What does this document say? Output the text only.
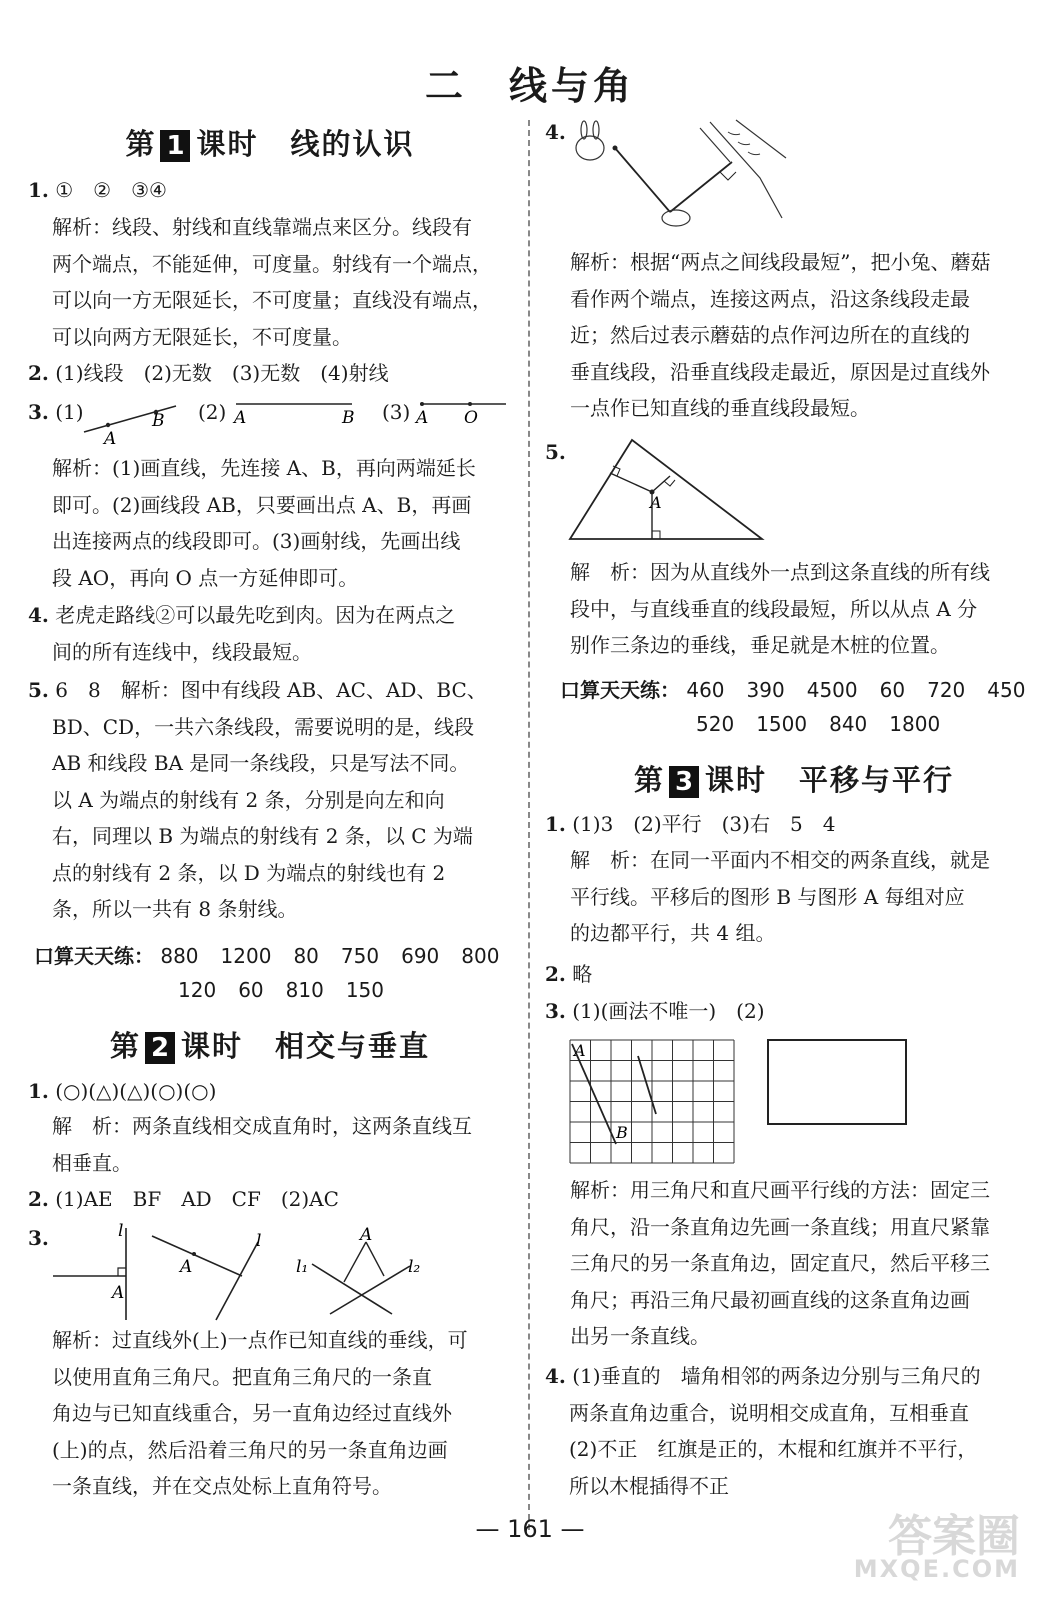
二　线与角
第 1 课时 线的认识
1. ①　②　③④
解析：线段、射线和直线靠端点来区分。线段有
两个端点，不能延伸，可度量。射线有一个端点，
可以向一方无限延长，不可度量；直线没有端点，
可以向两方无限延长，不可度量。
2. (1)线段　(2)无数　(3)无数　(4)射线
3. (1)	(2)	(3)
A
B	A	B	A O
解析：(1)画直线，先连接 A、B，再向两端延长
即可。(2)画线段 AB，只要画出点 A、B，再画
出连接两点的线段即可。(3)画射线，先画出线
段 AO，再向 O 点一方延伸即可。
4. 老虎走路线②可以最先吃到肉。因为在两点之
间的所有连线中，线段最短。
5. 6　8　解析：图中有线段 AB、AC、AD、BC、
BD、CD，一共六条线段，需要说明的是，线段
AB 和线段 BA 是同一条线段，只是写法不同。
以 A 为端点的射线有 2 条，分别是向左和向
右，同理以 B 为端点的射线有 2 条，以 C 为端
点的射线有 2 条，以 D 为端点的射线也有 2
条，所以一共有 8 条射线。
口算天天练： 880 1200 80 750 690 800
120 60 810 150
第 2 课时 相交与垂直
1. (○)(△)(△)(○)(○)
解　析：两条直线相交成直角时，这两条直线互
相垂直。
2. (1)AE　BF　AD　CF　(2)AC
3.	l
A
A
l	A
l₁	l₂
解析：过直线外(上)一点作已知直线的垂线，可
以使用直角三角尺。把直角三角尺的一条直
角边与已知直线重合，另一直角边经过直线外
(上)的点，然后沿着三角尺的另一条直角边画
一条直线，并在交点处标上直角符号。
4.
解析：根据“两点之间线段最短”，把小兔、蘑菇
看作两个端点，连接这两点，沿这条线段走最
近；然后过表示蘑菇的点作河边所在的直线的
垂直线段，沿垂直线段走最近，原因是过直线外
一点作已知直线的垂直线段最短。
5.
A
解　析：因为从直线外一点到这条直线的所有线
段中，与直线垂直的线段最短，所以从点 A 分
别作三条边的垂线，垂足就是木桩的位置。
口算天天练： 460 390 4500 60 720 450
520 1500 840 1800
第 3 课时 平移与平行
1. (1)3　(2)平行　(3)右　5　4
解　析：在同一平面内不相交的两条直线，就是
平行线。平移后的图形 B 与图形 A 每组对应
的边都平行，共 4 组。
2. 略
3. (1)(画法不唯一)　(2)
A
B
解析：用三角尺和直尺画平行线的方法：固定三
角尺，沿一条直角边先画一条直线；用直尺紧靠
三角尺的另一条直角边，固定直尺，然后平移三
角尺；再沿三角尺最初画直线的这条直角边画
出另一条直线。
4. (1)垂直的　墙角相邻的两条边分别与三角尺的
两条直角边重合，说明相交成直角，互相垂直
(2)不正　红旗是正的，木棍和红旗并不平行，
所以木棍插得不正
— 161 —	答案圈
MXQE.COM
